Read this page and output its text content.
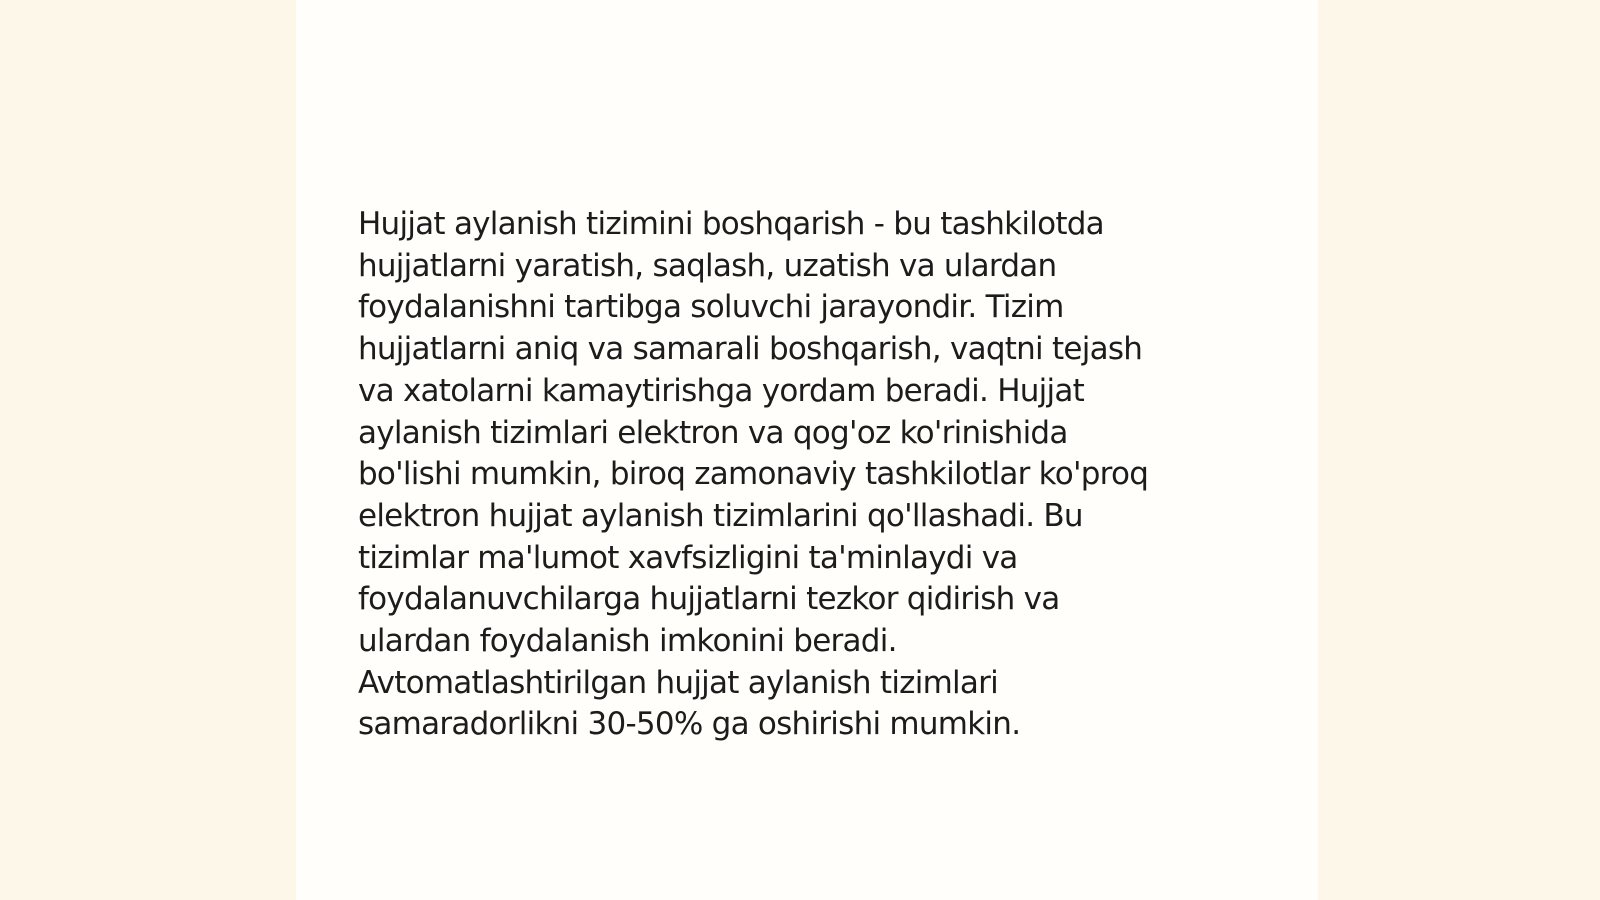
Hujjat aylanish tizimini boshqarish - bu tashkilotda
hujjatlarni yaratish, saqlash, uzatish va ulardan
foydalanishni tartibga soluvchi jarayondir. Tizim
hujjatlarni aniq va samarali boshqarish, vaqtni tejash
va xatolarni kamaytirishga yordam beradi. Hujjat
aylanish tizimlari elektron va qog'oz ko'rinishida
bo'lishi mumkin, biroq zamonaviy tashkilotlar ko'proq
elektron hujjat aylanish tizimlarini qo'llashadi. Bu
tizimlar ma'lumot xavfsizligini ta'minlaydi va
foydalanuvchilarga hujjatlarni tezkor qidirish va
ulardan foydalanish imkonini beradi.
Avtomatlashtirilgan hujjat aylanish tizimlari
samaradorlikni 30-50% ga oshirishi mumkin.
